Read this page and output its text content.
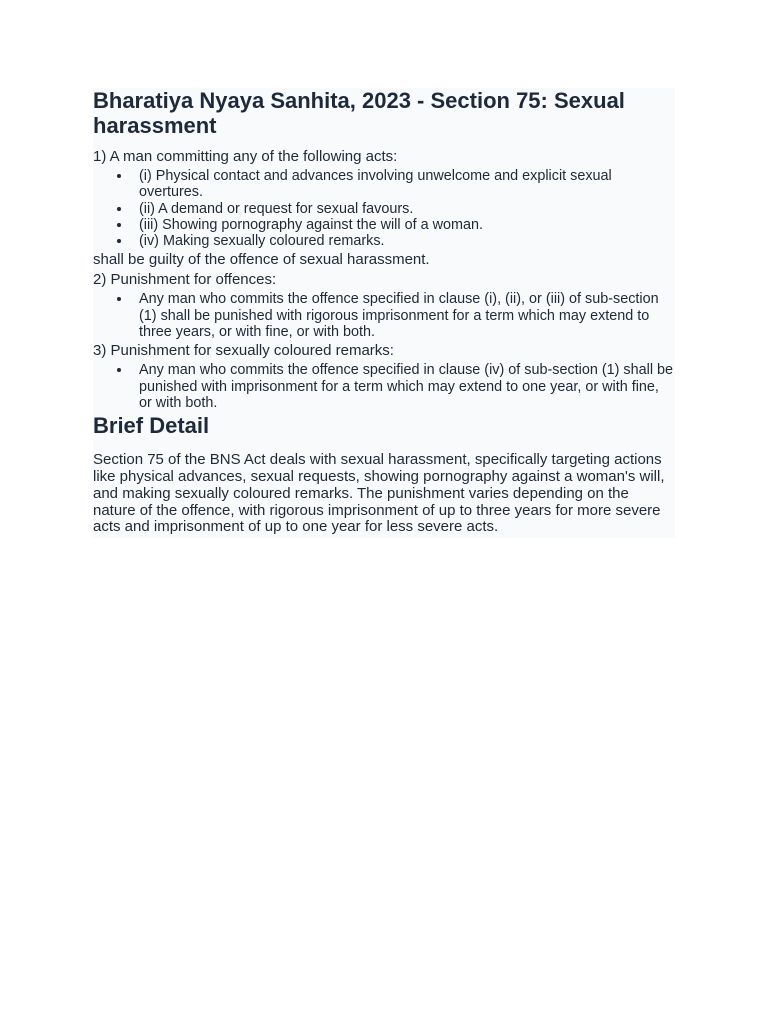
Bharatiya Nyaya Sanhita, 2023 - Section 75: Sexual harassment

1) A man committing any of the following acts:

(i) Physical contact and advances involving unwelcome and explicit sexual overtures.
(ii) A demand or request for sexual favours.
(iii) Showing pornography against the will of a woman.
(iv) Making sexually coloured remarks.

shall be guilty of the offence of sexual harassment.

2) Punishment for offences:

Any man who commits the offence specified in clause (i), (ii), or (iii) of sub-section (1) shall be punished with rigorous imprisonment for a term which may extend to three years, or with fine, or with both.

3) Punishment for sexually coloured remarks:

Any man who commits the offence specified in clause (iv) of sub-section (1) shall be punished with imprisonment for a term which may extend to one year, or with fine, or with both.
Brief Detail

Section 75 of the BNS Act deals with sexual harassment, specifically targeting actions like physical advances, sexual requests, showing pornography against a woman's will, and making sexually coloured remarks. The punishment varies depending on the nature of the offence, with rigorous imprisonment of up to three years for more severe acts and imprisonment of up to one year for less severe acts.
